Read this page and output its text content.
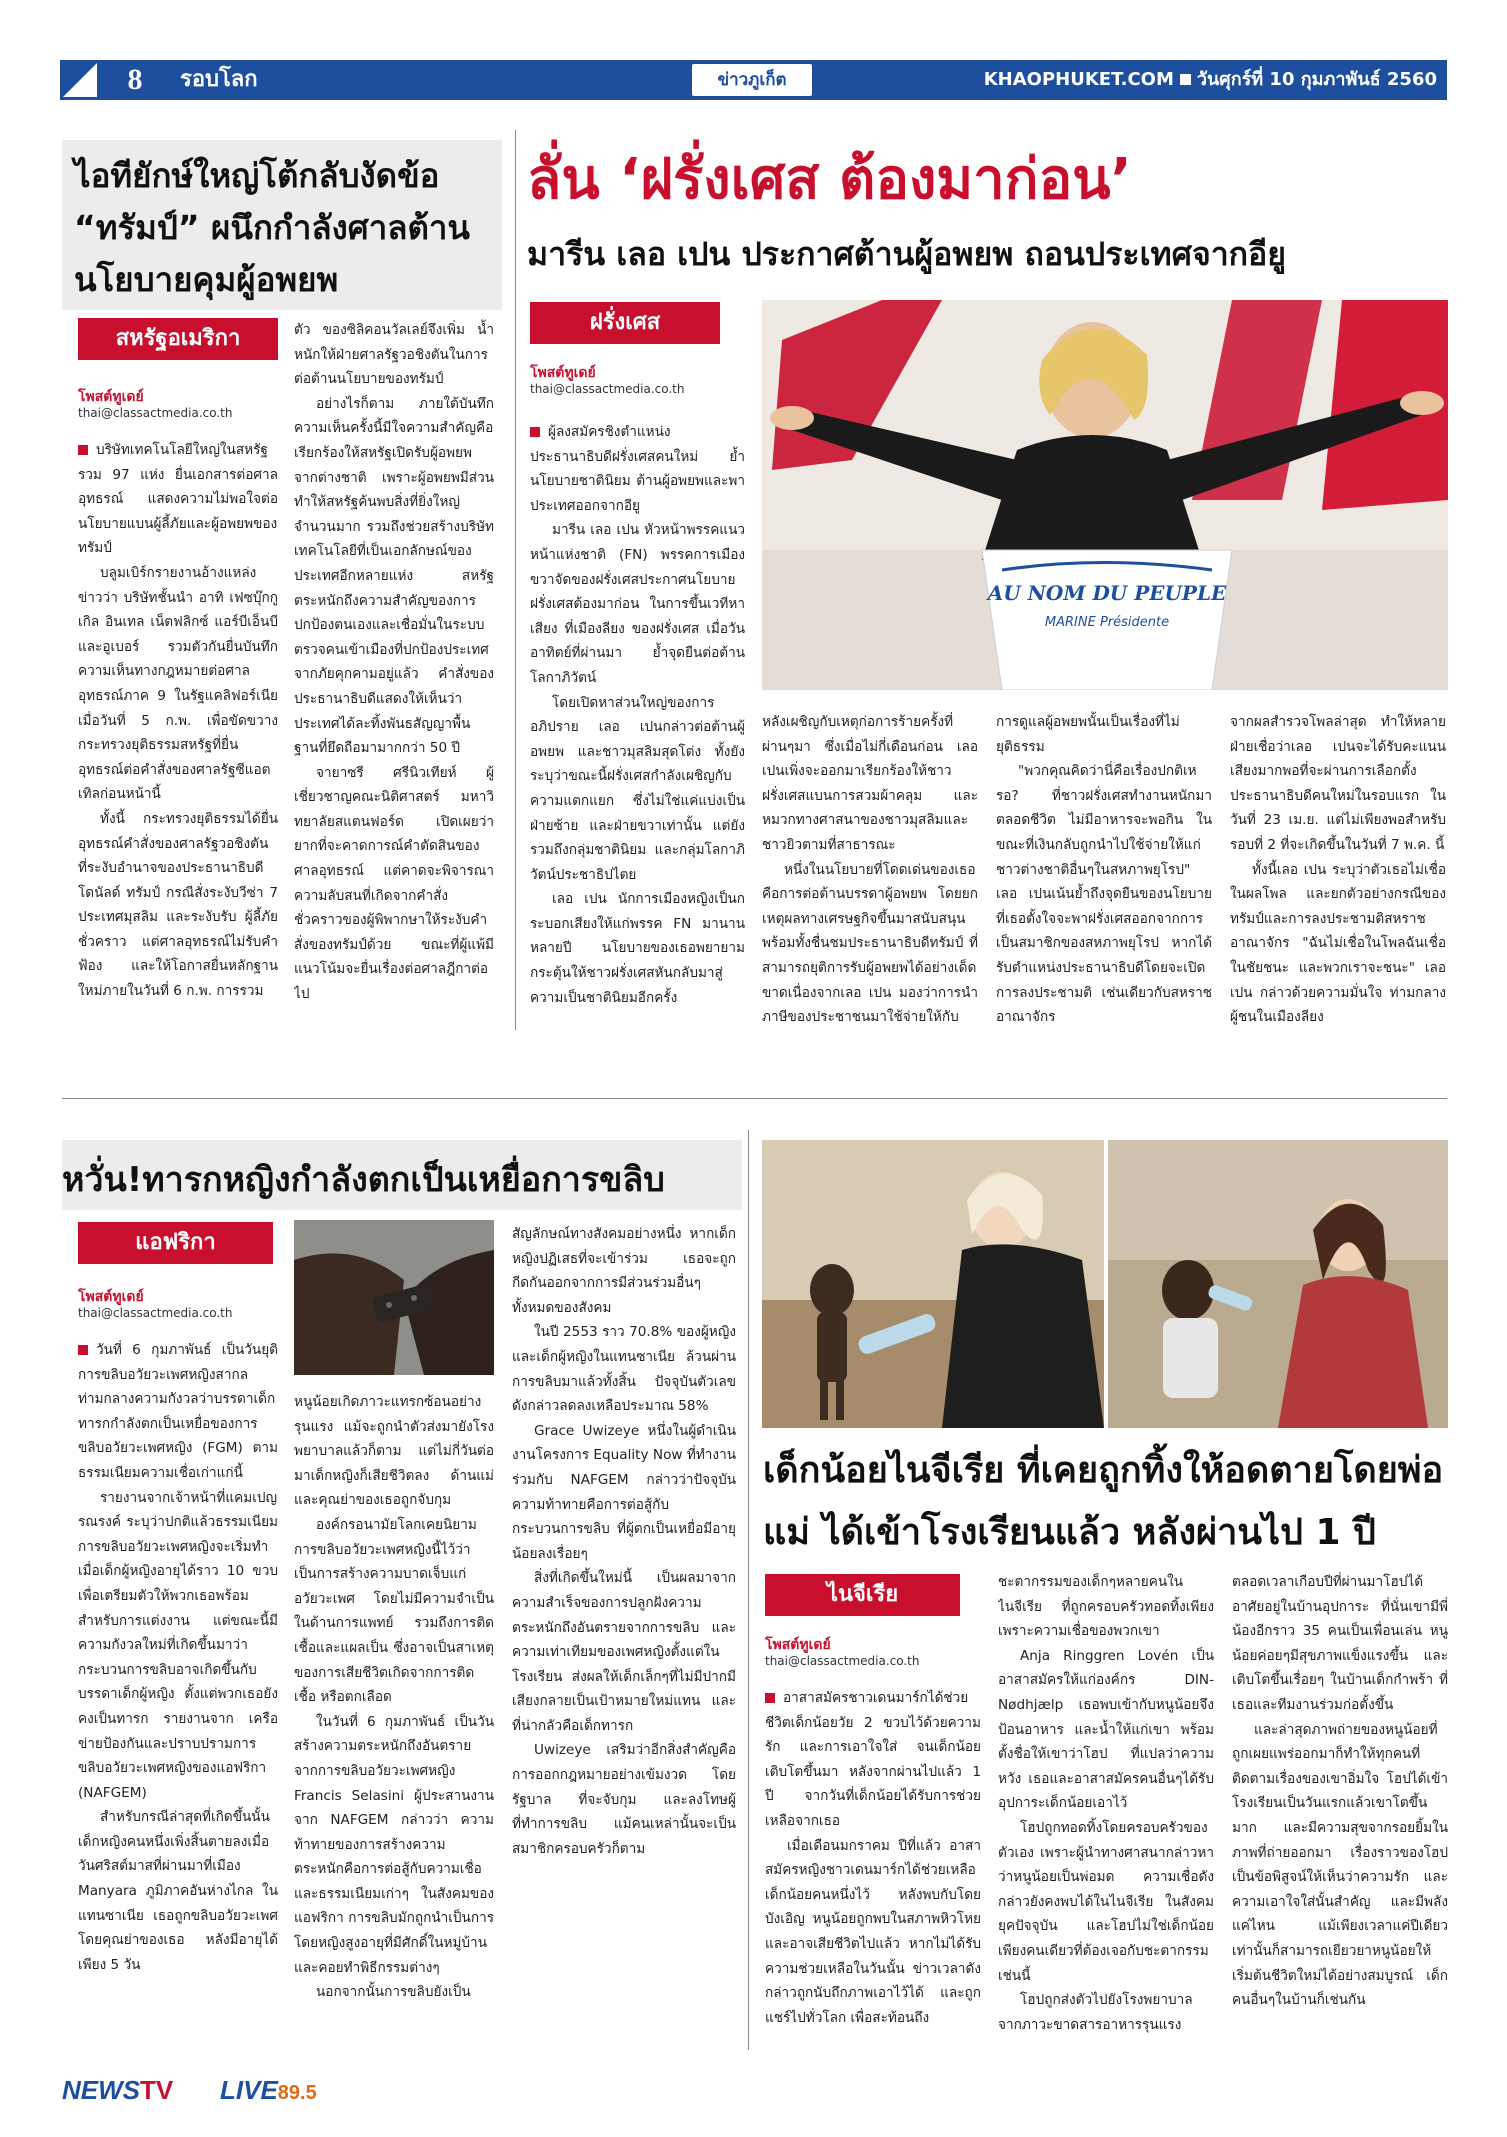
8	รอบโลก	ข่าวภูเก็ต	KHAOPHUKET.COM วันศุกร์ที่ 10 กุมภาพันธ์ 2560
ไอทียักษ์ใหญ่โต้กลับงัดข้อ “ทรัมป์” ผนึกกำลังศาลต้านนโยบายคุมผู้อพยพ
สหรัฐอเมริกา
โพสต์ทูเดย์
thai@classactmedia.co.th

บริษัทเทคโนโลยีใหญ่ในสหรัฐ รวม 97 แห่ง ยื่นเอกสารต่อศาลอุทธรณ์ แสดงความไม่พอใจต่อนโยบายแบนผู้ลี้ภัยและผู้อพยพของทรัมป์

บลูมเบิร์กรายงานอ้างแหล่งข่าวว่า บริษัทชั้นนำ อาทิ เฟซบุ๊กกูเกิล อินเทล เน็ตฟลิกซ์ แอร์บีเอ็นบี และอูเบอร์ รวมตัวกันยื่นบันทึกความเห็นทางกฎหมายต่อศาลอุทธรณ์ภาค 9 ในรัฐแคลิฟอร์เนีย เมื่อวันที่ 5 ก.พ. เพื่อขัดขวางกระทรวงยุติธรรมสหรัฐที่ยื่นอุทธรณ์ต่อคำสั่งของศาลรัฐซีแอตเทิลก่อนหน้านี้

ทั้งนี้ กระทรวงยุติธรรมได้ยื่นอุทธรณ์คำสั่งของศาลรัฐวอชิงตัน ที่ระงับอำนาจของประธานาธิบดี โดนัลด์ ทรัมป์ กรณีสั่งระงับวีซ่า 7 ประเทศมุสลิม และระงับรับ ผู้ลี้ภัยชั่วคราว แต่ศาลอุทธรณ์ไม่รับคำฟ้อง และให้โอกาสยื่นหลักฐานใหม่ภายในวันที่ 6 ก.พ. การรวม

ตัว ของซิลิคอนวัลเลย์จึงเพิ่ม น้ำหนักให้ฝ่ายศาลรัฐวอชิงตันในการ ต่อต้านนโยบายของทรัมป์

อย่างไรก็ตาม ภายใต้บันทึกความเห็นครั้งนี้มีใจความสำคัญคือ เรียกร้องให้สหรัฐเปิดรับผู้อพยพจากต่างชาติ เพราะผู้อพยพมีส่วนทำให้สหรัฐค้นพบสิ่งที่ยิ่งใหญ่จำนวนมาก รวมถึงช่วยสร้างบริษัทเทคโนโลยีที่เป็นเอกลักษณ์ของประเทศอีกหลายแห่ง สหรัฐตระหนักถึงความสำคัญของการปกป้องตนเองและเชื่อมั่นในระบบตรวจคนเข้าเมืองที่ปกป้องประเทศจากภัยคุกคามอยู่แล้ว คำสั่งของประธานาธิบดีแสดงให้เห็นว่าประเทศได้ละทิ้งพันธสัญญาพื้นฐานที่ยึดถือมามากกว่า 50 ปี

จายาซรี ศรีนิวเทียห์ ผู้เชี่ยวชาญคณะนิติศาสตร์ มหาวิทยาลัยสแตนฟอร์ด เปิดเผยว่า ยากที่จะคาดการณ์คำตัดสินของศาลอุทธรณ์ แต่คาดจะพิจารณาความลับสนที่เกิดจากคำสั่งชั่วคราวของผู้พิพากษาให้ระงับคำสั่งของทรัมป์ด้วย ขณะที่ผู้แพ้มีแนวโน้มจะยื่นเรื่องต่อศาลฎีกาต่อไป

ลั่น ‘ฝรั่งเศส ต้องมาก่อน’
มารีน เลอ เปน ประกาศต้านผู้อพยพ ถอนประเทศจากอียู
ฝรั่งเศส
โพสต์ทูเดย์
thai@classactmedia.co.th
AU NOM DU PEUPLE
MARINE Présidente

ผู้ลงสมัครชิงตำแหน่งประธานาธิบดีฝรั่งเศสคนใหม่ ย้ำนโยบายชาตินิยม ต้านผู้อพยพและพาประเทศออกจากอียู

มารีน เลอ เปน หัวหน้าพรรคแนวหน้าแห่งชาติ (FN) พรรคการเมืองขวาจัดของฝรั่งเศสประกาศนโยบายฝรั่งเศสต้องมาก่อน ในการขึ้นเวทีหาเสียง ที่เมืองลียง ของฝรั่งเศส เมื่อวันอาทิตย์ที่ผ่านมา ย้ำจุดยืนต่อต้านโลกาภิวัตน์

โดยเปิดหาส่วนใหญ่ของการอภิปราย เลอ เปนกล่าวต่อต้านผู้อพยพ และชาวมุสลิมสุดโต่ง ทั้งยังระบุว่าขณะนี้ฝรั่งเศสกำลังเผชิญกับความแตกแยก ซึ่งไม่ใช่แค่แบ่งเป็นฝ่ายซ้าย และฝ่ายขวาเท่านั้น แต่ยังรวมถึงกลุ่มชาตินิยม และกลุ่มโลกาภิวัตน์ประชาธิปไตย

เลอ เปน นักการเมืองหญิงเป็นกระบอกเสียงให้แก่พรรค FN มานานหลายปี นโยบายของเธอพยายามกระตุ้นให้ชาวฝรั่งเศสหันกลับมาสู่ความเป็นชาตินิยมอีกครั้ง

หลังเผชิญกับเหตุก่อการร้ายครั้งที่ผ่านๆมา ซึ่งเมื่อไม่กี่เดือนก่อน เลอ เปนเพิ่งจะออกมาเรียกร้องให้ชาวฝรั่งเศสแบนการสวมผ้าคลุม และหมวกทางศาสนาของชาวมุสลิมและชาวยิวตามที่สาธารณะ

หนึ่งในนโยบายที่โดดเด่นของเธอ คือการต่อต้านบรรดาผู้อพยพ โดยยกเหตุผลทางเศรษฐกิจขึ้นมาสนับสนุน พร้อมทั้งชื่นชมประธานาธิบดีทรัมป์ ที่สามารถยุติการรับผู้อพยพได้อย่างเด็ดขาดเนื่องจากเลอ เปน มองว่าการนำภาษีของประชาชนมาใช้จ่ายให้กับ

การดูแลผู้อพยพนั้นเป็นเรื่องที่ไม่ยุติธรรม

"พวกคุณคิดว่านี่คือเรื่องปกติเหรอ? ที่ชาวฝรั่งเศสทำงานหนักมาตลอดชีวิต ไม่มีอาหารจะพอกิน ในขณะที่เงินกลับถูกนำไปใช้จ่ายให้แก่ชาวต่างชาติอื่นๆในสหภาพยุโรป" เลอ เปนเน้นย้ำถึงจุดยืนของนโยบายที่เธอตั้งใจจะพาฝรั่งเศสออกจากการเป็นสมาชิกของสหภาพยุโรป หากได้รับตำแหน่งประธานาธิบดีโดยจะเปิดการลงประชามติ เช่นเดียวกับสหราชอาณาจักร

จากผลสำรวจโพลล่าสุด ทำให้หลายฝ่ายเชื่อว่าเลอ เปนจะได้รับคะแนนเสียงมากพอที่จะผ่านการเลือกตั้งประธานาธิบดีคนใหม่ในรอบแรก ในวันที่ 23 เม.ย. แต่ไม่เพียงพอสำหรับรอบที่ 2 ที่จะเกิดขึ้นในวันที่ 7 พ.ค. นี้

ทั้งนี้เลอ เปน ระบุว่าตัวเธอไม่เชื่อในผลโพล และยกตัวอย่างกรณีของทรัมป์และการลงประชามติสหราชอาณาจักร "ฉันไม่เชื่อในโพลฉันเชื่อในชัยชนะ และพวกเราจะชนะ" เลอเปน กล่าวด้วยความมั่นใจ ท่ามกลางผู้ชนในเมืองลียง

หวั่น!ทารกหญิงกำลังตกเป็นเหยื่อการขลิบ
แอฟริกา
โพสต์ทูเดย์
thai@classactmedia.co.th

วันที่ 6 กุมภาพันธ์ เป็นวันยุติการขลิบอวัยวะเพศหญิงสากล ท่ามกลางความกังวลว่าบรรดาเด็กทารกกำลังตกเป็นเหยื่อของการขลิบอวัยวะเพศหญิง (FGM) ตามธรรมเนียมความเชื่อเก่าแก่นี้

รายงานจากเจ้าหน้าที่แคมเปญรณรงค์ ระบุว่าปกติแล้วธรรมเนียมการขลิบอวัยวะเพศหญิงจะเริ่มทำเมื่อเด็กผู้หญิงอายุได้ราว 10 ขวบ เพื่อเตรียมตัวให้พวกเธอพร้อมสำหรับการแต่งงาน แต่ขณะนี้มีความกังวลใหม่ที่เกิดขึ้นมาว่ากระบวนการขลิบอาจเกิดขึ้นกับบรรดาเด็กผู้หญิง ตั้งแต่พวกเธอยังคงเป็นทารก รายงานจาก เครือข่ายป้องกันและปราบปรามการขลิบอวัยวะเพศหญิงของแอฟริกา (NAFGEM)

สำหรับกรณีล่าสุดที่เกิดขึ้นนั้น เด็กหญิงคนหนึ่งเพิ่งสิ้นตายลงเมื่อวันศริสต์มาสที่ผ่านมาที่เมือง Manyara ภูมิภาคอันห่างไกล ในแทนซาเนีย เธอถูกขลิบอวัยวะเพศโดยคุณย่าของเธอ หลังมีอายุได้เพียง 5 วัน

หนูน้อยเกิดภาวะแทรกซ้อนอย่างรุนแรง แม้จะถูกนำตัวส่งมายังโรงพยาบาลแล้วก็ตาม แต่ไม่กี่วันต่อมาเด็กหญิงก็เสียชีวิตลง ด้านแม่และคุณย่าของเธอถูกจับกุม

องค์กรอนามัยโลกเคยนิยามการขลิบอวัยวะเพศหญิงนี้ไว้ว่าเป็นการสร้างความบาดเจ็บแก่อวัยวะเพศ โดยไม่มีความจำเป็นในด้านการแพทย์ รวมถึงการติดเชื้อและแผลเป็น ซึ่งอาจเป็นสาเหตุของการเสียชีวิตเกิดจากการติดเชื้อ หรือตกเลือด

ในวันที่ 6 กุมภาพันธ์ เป็นวันสร้างความตระหนักถึงอันตรายจากการขลิบอวัยวะเพศหญิง Francis Selasini ผู้ประสานงานจาก NAFGEM กล่าวว่า ความท้าทายของการสร้างความตระหนักคือการต่อสู้กับความเชื่อและธรรมเนียมเก่าๆ ในสังคมของแอฟริกา การขลิบมักถูกนำเป็นการโดยหญิงสูงอายุที่มีศักดิ์ในหมู่บ้าน และคอยทำพิธีกรรมต่างๆ

นอกจากนั้นการขลิบยังเป็น

สัญลักษณ์ทางสังคมอย่างหนึ่ง หากเด็กหญิงปฏิเสธที่จะเข้าร่วม เธอจะถูกกีดกันออกจากการมีส่วนร่วมอื่นๆทั้งหมดของสังคม

ในปี 2553 ราว 70.8% ของผู้หญิง และเด็กผู้หญิงในแทนซาเนีย ล้วนผ่านการขลิบมาแล้วทั้งสิ้น ปัจจุบันตัวเลขดังกล่าวลดลงเหลือประมาณ 58%

Grace Uwizeye หนึ่งในผู้ดำเนินงานโครงการ Equality Now ที่ทำงานร่วมกับ NAFGEM กล่าวว่าปัจจุบันความท้าทายคือการต่อสู้กับกระบวนการขลิบ ที่ผู้ตกเป็นเหยื่อมีอายุน้อยลงเรื่อยๆ

สิ่งที่เกิดขึ้นใหม่นี้ เป็นผลมาจากความสำเร็จของการปลูกฝังความตระหนักถึงอันตรายจากการขลิบ และความเท่าเทียมของเพศหญิงตั้งแต่ในโรงเรียน ส่งผลให้เด็กเล็กๆที่ไม่มีปากมีเสียงกลายเป็นเป้าหมายใหม่แทน และที่น่ากลัวคือเด็กทารก

Uwizeye เสริมว่าอีกสิ่งสำคัญคือการออกกฎหมายอย่างเข้มงวด โดยรัฐบาล ที่จะจับกุม และลงโทษผู้ที่ทำการขลิบ แม้คนเหล่านั้นจะเป็นสมาชิกครอบครัวก็ตาม

เด็กน้อยไนจีเรีย ที่เคยถูกทิ้งให้อดตายโดยพ่อแม่ ได้เข้าโรงเรียนแล้ว หลังผ่านไป 1 ปี
ไนจีเรีย
โพสต์ทูเดย์
thai@classactmedia.co.th

อาสาสมัครชาวเดนมาร์กได้ช่วยชีวิตเด็กน้อยวัย 2 ขวบไว้ด้วยความรัก และการเอาใจใส่ จนเด็กน้อยเติบโตขึ้นมา หลังจากผ่านไปแล้ว 1 ปี จากวันที่เด็กน้อยได้รับการช่วยเหลือจากเธอ

เมื่อเดือนมกราคม ปีที่แล้ว อาสาสมัครหญิงชาวเดนมาร์กได้ช่วยเหลือเด็กน้อยคนหนึ่งไว้ หลังพบกับโดยบังเอิญ หนูน้อยถูกพบในสภาพหิวโหย และอาจเสียชีวิตไปแล้ว หากไม่ได้รับความช่วยเหลือในวันนั้น ข่าวเวลาดังกล่าวถูกนับถึกภาพเอาไว้ได้ และถูกแชร์ไปทั่วโลก เพื่อสะท้อนถึง

ชะตากรรมของเด็กๆหลายคนในไนจีเรีย ที่ถูกครอบครัวทอดทิ้งเพียงเพราะความเชื่อของพวกเขา

Anja Ringgren Lovén เป็นอาสาสมัครให้แก่องค์กร DIN-Nødhjælp เธอพบเข้ากับหนูน้อยจึงป้อนอาหาร และน้ำให้แก่เขา พร้อมตั้งชื่อให้เขาว่าโฮป ที่แปลว่าความหวัง เธอและอาสาสมัครคนอื่นๆได้รับอุปการะเด็กน้อยเอาไว้

โฮปถูกทอดทิ้งโดยครอบครัวของตัวเอง เพราะผู้นำทางศาสนากล่าวหาว่าหนูน้อยเป็นพ่อมด ความเชื่อดังกล่าวยังคงพบได้ในไนจีเรีย ในสังคมยุคปัจจุบัน และโฮปไม่ใช่เด็กน้อยเพียงคนเดียวที่ต้องเจอกับชะตากรรมเช่นนี้

โฮปถูกส่งตัวไปยังโรงพยาบาลจากภาวะขาดสารอาหารรุนแรง

ตลอดเวลาเกือบปีที่ผ่านมาโฮปได้อาศัยอยู่ในบ้านอุปการะ ที่นั่นเขามีพี่น้องอีกราว 35 คนเป็นเพื่อนเล่น หนูน้อยค่อยๆมีสุขภาพแข็งแรงขึ้น และเติบโตขึ้นเรื่อยๆ ในบ้านเด็กกำพร้า ที่เธอและทีมงานร่วมก่อตั้งขึ้น

และล่าสุดภาพถ่ายของหนูน้อยที่ถูกเผยแพร่ออกมาก็ทำให้ทุกคนที่ติดตามเรื่องของเขาอิ่มใจ โฮปได้เข้าโรงเรียนเป็นวันแรกแล้วเขาโตขึ้นมาก และมีความสุขจากรอยยิ้มในภาพที่ถ่ายออกมา เรื่องราวของโฮปเป็นข้อพิสูจน์ให้เห็นว่าความรัก และความเอาใจใส่นั้นสำคัญ และมีพลังแค่ไหน แม้เพียงเวลาแค่ปีเดียวเท่านั้นก็สามารถเยียวยาหนูน้อยให้เริ่มต้นชีวิตใหม่ได้อย่างสมบูรณ์ เด็กคนอื่นๆในบ้านก็เช่นกัน

NEWSTV LIVE89.5
